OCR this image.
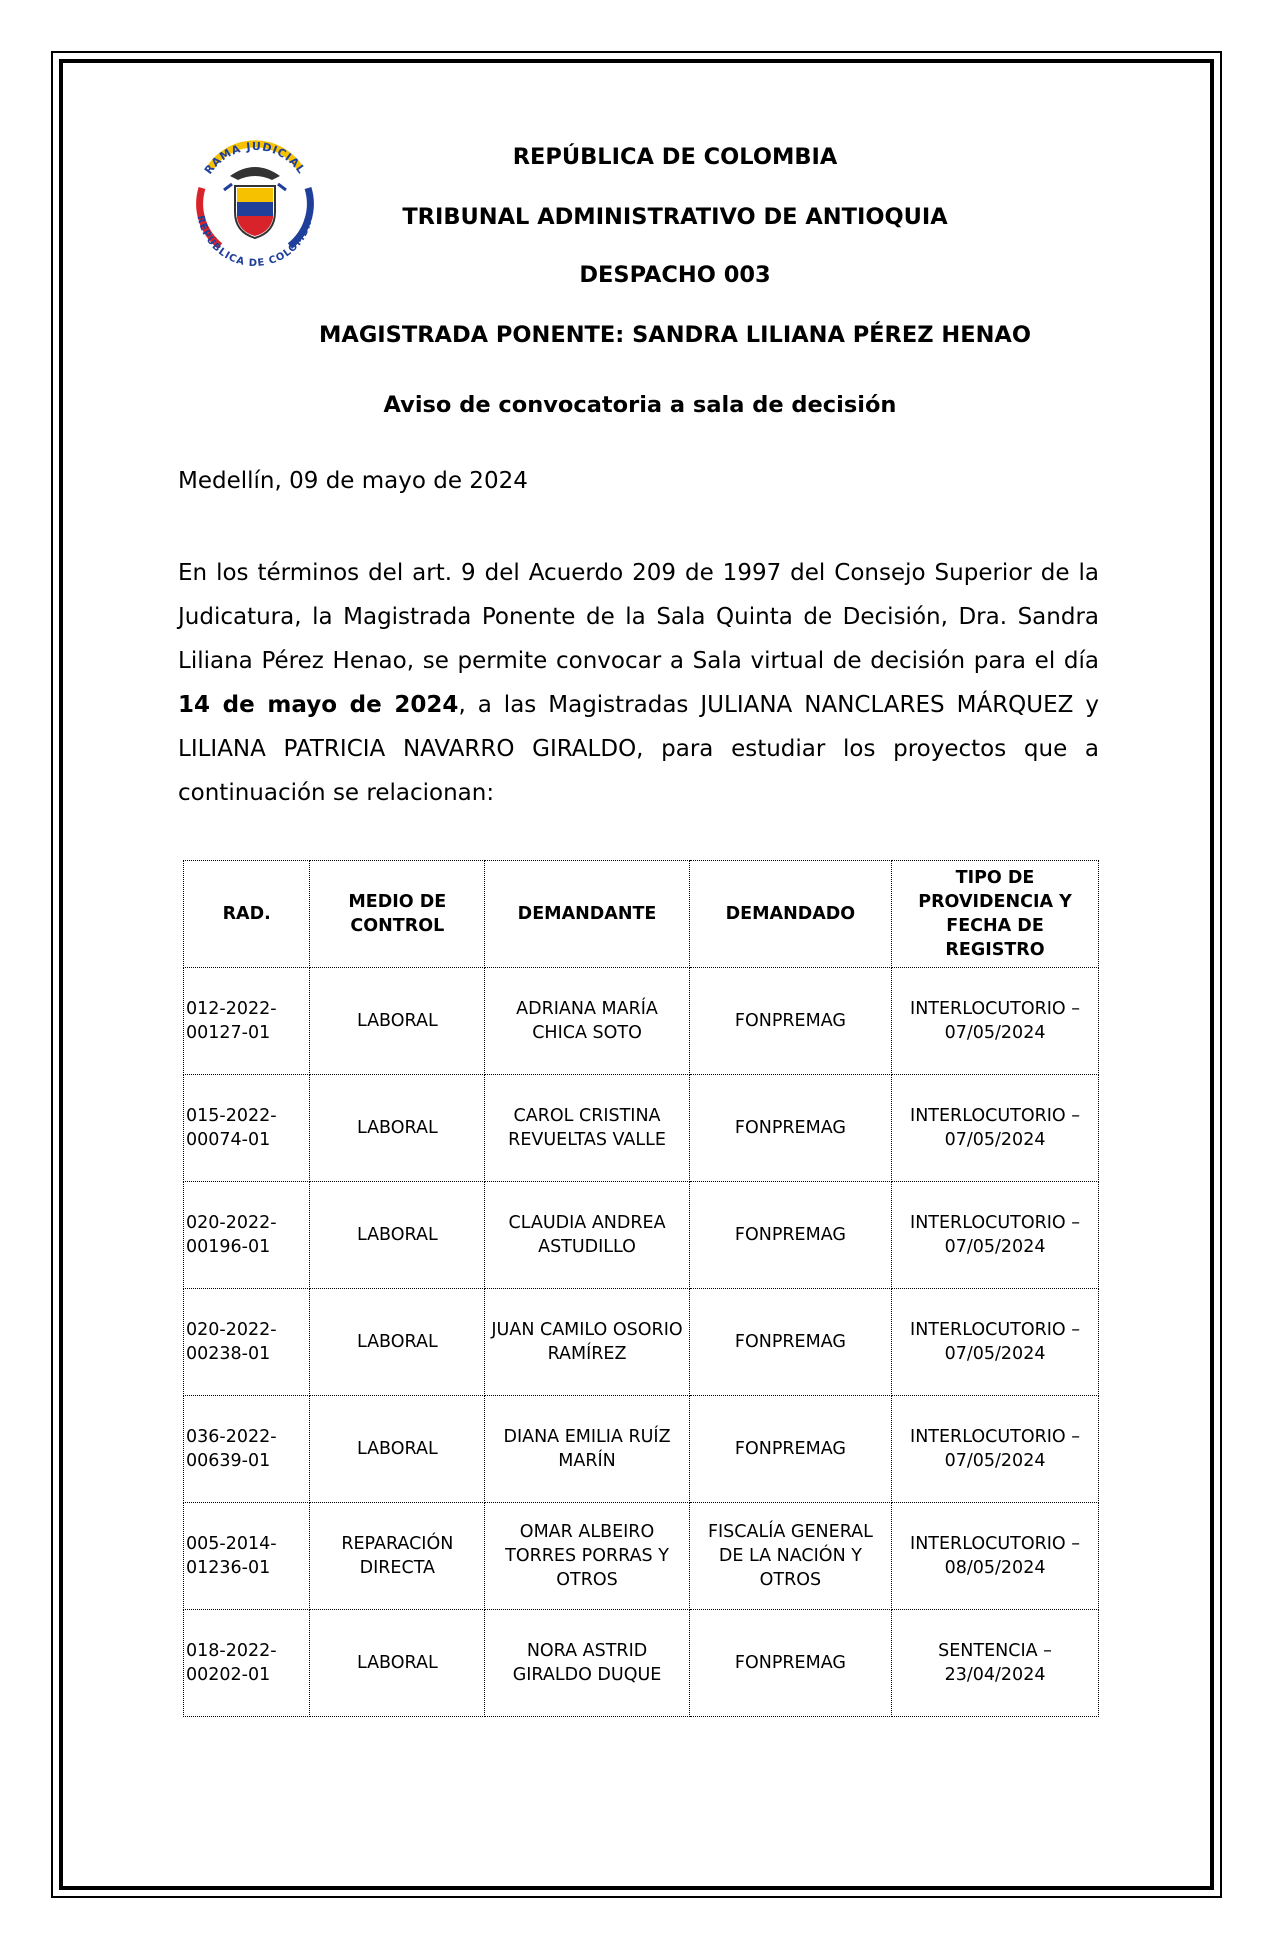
RAMA JUDICIAL
REPÚBLICA DE COLOMBIA
REPÚBLICA DE COLOMBIA
TRIBUNAL ADMINISTRATIVO DE ANTIOQUIA
DESPACHO 003
MAGISTRADA PONENTE: SANDRA LILIANA PÉREZ HENAO
Aviso de convocatoria a sala de decisión
Medellín, 09 de mayo de 2024
En los términos del art. 9 del Acuerdo 209 de 1997 del Consejo Superior de la Judicatura, la Magistrada Ponente de la Sala Quinta de Decisión, Dra. Sandra Liliana Pérez Henao, se permite convocar a Sala virtual de decisión para el día 14 de mayo de 2024, a las Magistradas JULIANA NANCLARES MÁRQUEZ y LILIANA PATRICIA NAVARRO GIRALDO, para estudiar los proyectos que a continuación se relacionan:
RAD.	MEDIO DE CONTROL	DEMANDANTE	DEMANDADO	TIPO DE PROVIDENCIA Y FECHA DE REGISTRO
012-2022-00127-01	LABORAL	ADRIANA MARÍA CHICA SOTO	FONPREMAG	INTERLOCUTORIO – 07/05/2024
015-2022-00074-01	LABORAL	CAROL CRISTINA REVUELTAS VALLE	FONPREMAG	INTERLOCUTORIO – 07/05/2024
020-2022-00196-01	LABORAL	CLAUDIA ANDREA ASTUDILLO	FONPREMAG	INTERLOCUTORIO – 07/05/2024
020-2022-00238-01	LABORAL	JUAN CAMILO OSORIO RAMÍREZ	FONPREMAG	INTERLOCUTORIO – 07/05/2024
036-2022-00639-01	LABORAL	DIANA EMILIA RUÍZ MARÍN	FONPREMAG	INTERLOCUTORIO – 07/05/2024
005-2014-01236-01	REPARACIÓN DIRECTA	OMAR ALBEIRO TORRES PORRAS Y OTROS	FISCALÍA GENERAL DE LA NACIÓN Y OTROS	INTERLOCUTORIO – 08/05/2024
018-2022-00202-01	LABORAL	NORA ASTRID GIRALDO DUQUE	FONPREMAG	SENTENCIA – 23/04/2024
